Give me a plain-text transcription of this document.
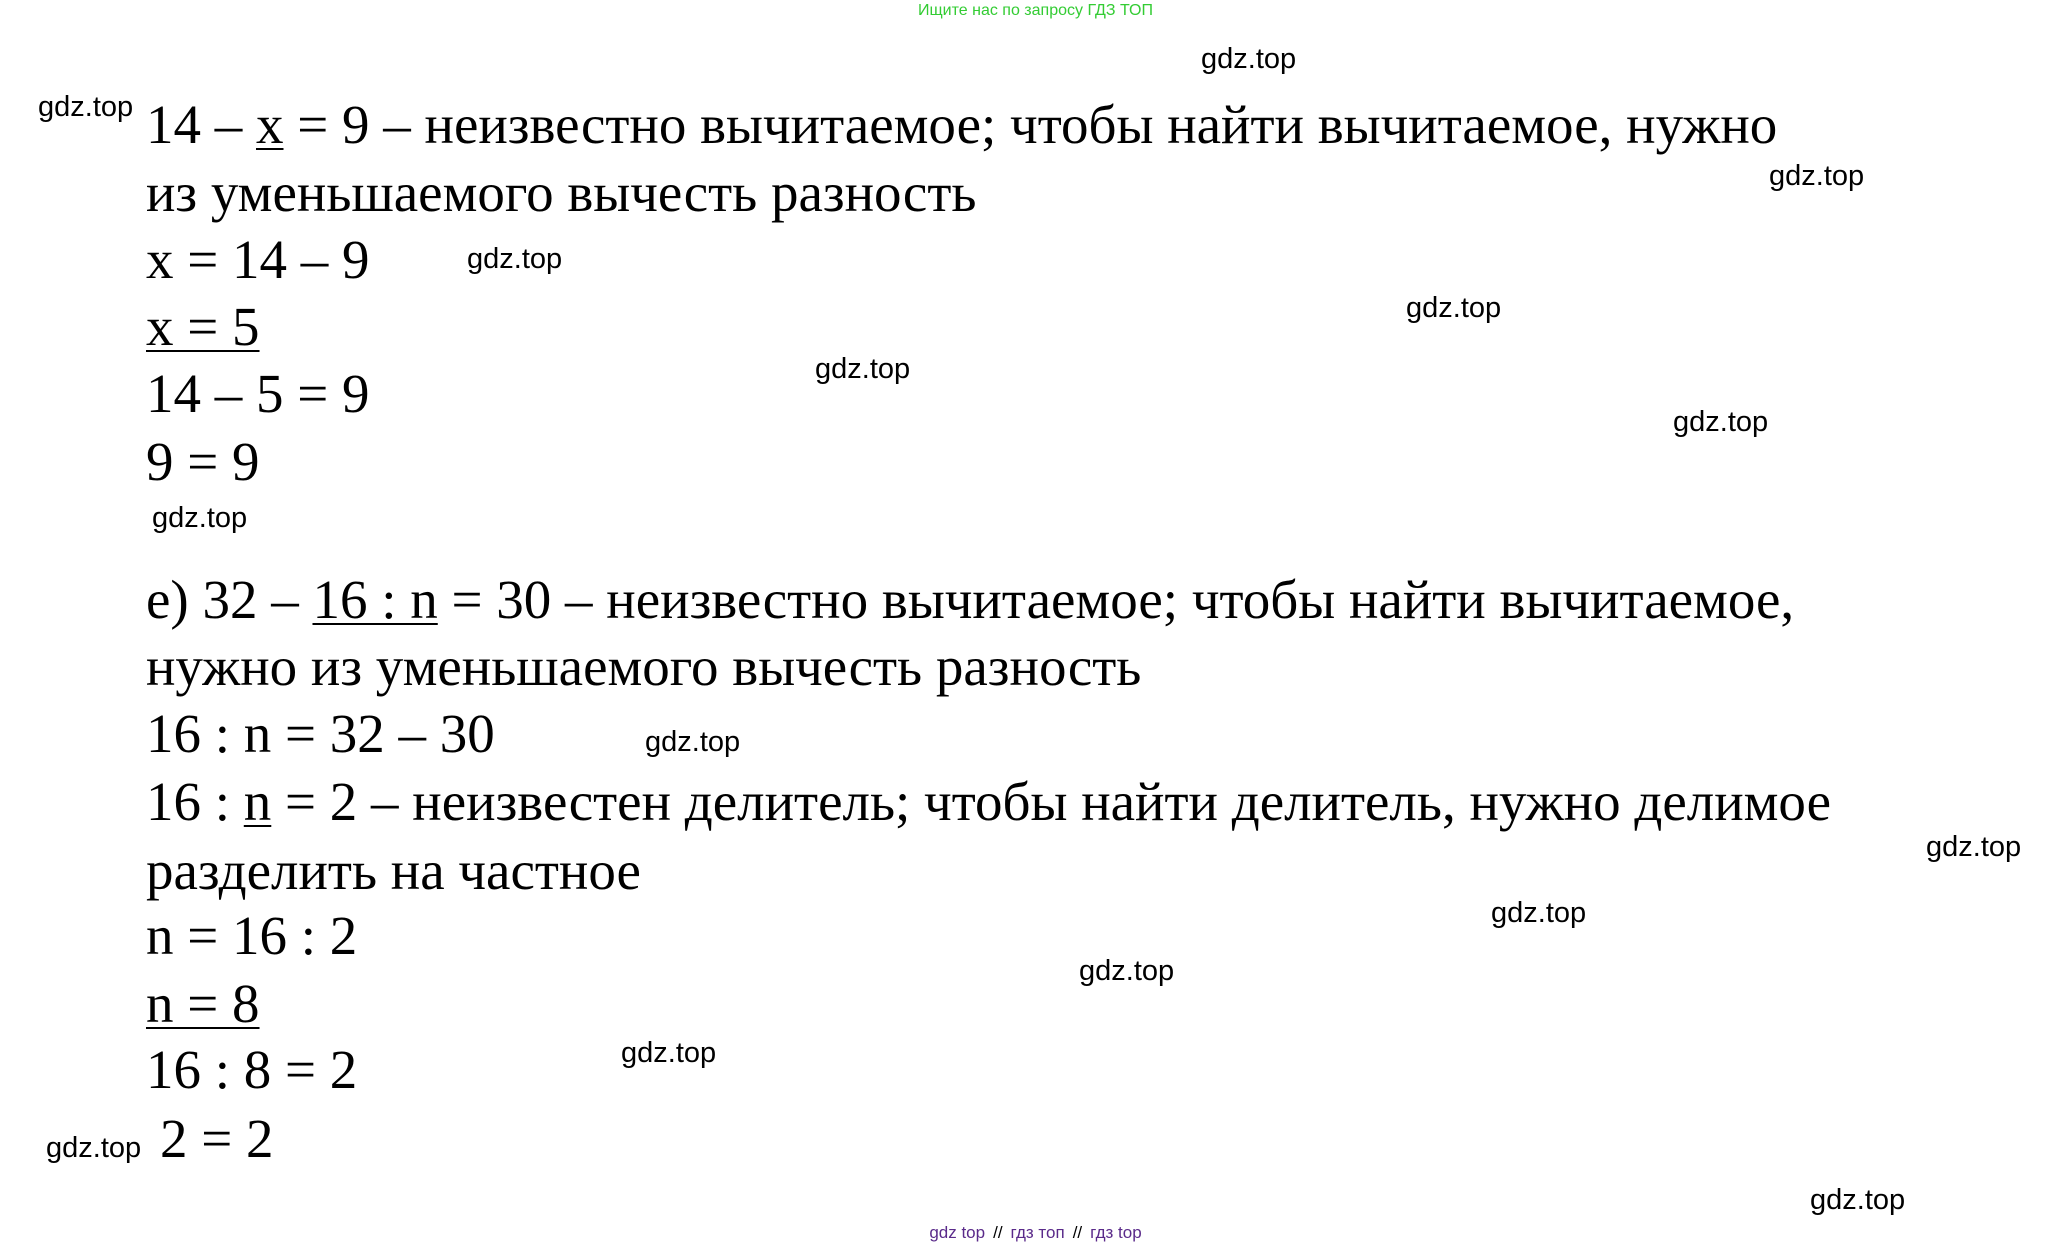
Ищите нас по запросу ГДЗ ТОП
gdz.top
gdz.top
gdz.top
gdz.top
gdz.top
gdz.top
gdz.top
gdz.top
gdz.top
gdz.top
gdz.top
gdz.top
gdz.top
gdz.top
gdz.top
14 – x = 9 – неизвестно вычитаемое; чтобы найти вычитаемое, нужно
из уменьшаемого вычесть разность
x = 14 – 9
x = 5
14 – 5 = 9
9 = 9
е) 32 – 16 : n = 30 – неизвестно вычитаемое; чтобы найти вычитаемое,
нужно из уменьшаемого вычесть разность
16 : n = 32 – 30
16 : n = 2 – неизвестен делитель; чтобы найти делитель, нужно делимое
разделить на частное
n = 16 : 2
n = 8
16 : 8 = 2
2 = 2
gdz top // гдз топ // гдз top
